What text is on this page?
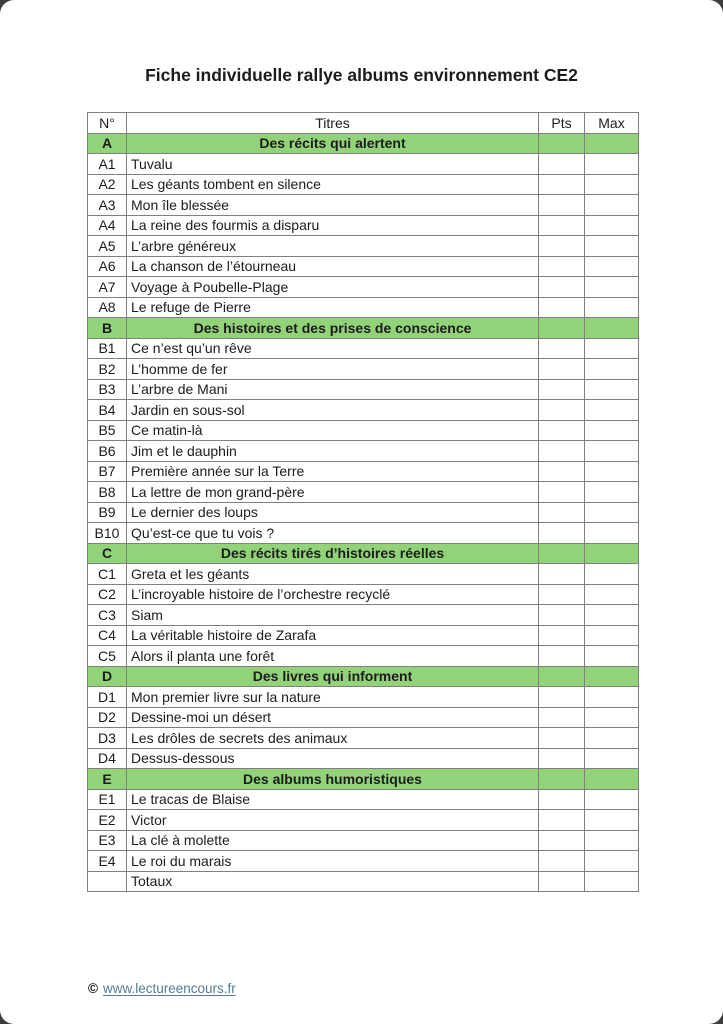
Fiche individuelle rallye albums environnement CE2
N°	Titres	Pts	Max
A	Des récits qui alertent		
A1	Tuvalu		
A2	Les géants tombent en silence		
A3	Mon île blessée		
A4	La reine des fourmis a disparu		
A5	L’arbre généreux		
A6	La chanson de l’étourneau		
A7	Voyage à Poubelle-Plage		
A8	Le refuge de Pierre		
B	Des histoires et des prises de conscience		
B1	Ce n’est qu’un rêve		
B2	L’homme de fer		
B3	L’arbre de Mani		
B4	Jardin en sous-sol		
B5	Ce matin-là		
B6	Jim et le dauphin		
B7	Première année sur la Terre		
B8	La lettre de mon grand-père		
B9	Le dernier des loups		
B10	Qu’est-ce que tu vois ?		
C	Des récits tirés d’histoires réelles		
C1	Greta et les géants		
C2	L’incroyable histoire de l’orchestre recyclé		
C3	Siam		
C4	La véritable histoire de Zarafa		
C5	Alors il planta une forêt		
D	Des livres qui informent		
D1	Mon premier livre sur la nature		
D2	Dessine-moi un désert		
D3	Les drôles de secrets des animaux		
D4	Dessus-dessous		
E	Des albums humoristiques		
E1	Le tracas de Blaise		
E2	Victor		
E3	La clé à molette		
E4	Le roi du marais		
	Totaux		
© www.lectureencours.fr
